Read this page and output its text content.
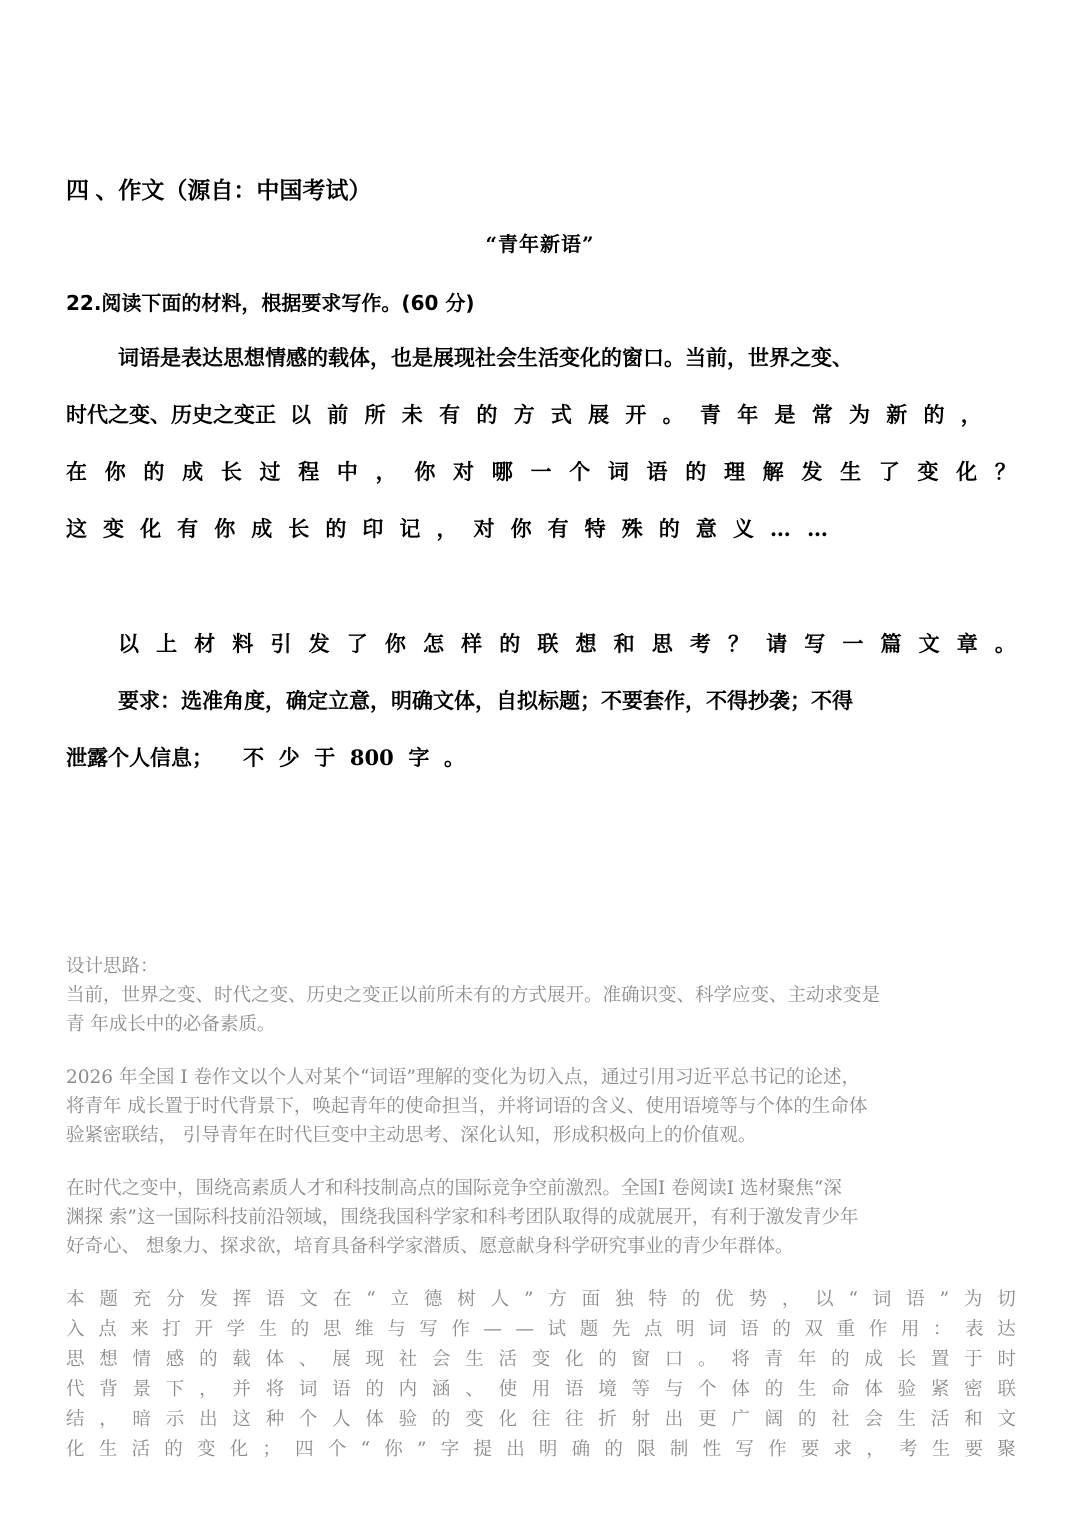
四 、作文（源自：中国考试）
“青年新语”
22.阅读下面的材料，根据要求写作。(60 分)
词语是表达思想情感的载体，也是展现社会生活变化的窗口。当前，世界之变、
时代之变、历史之变正 以 前 所 未 有 的 方 式 展 开 。 青 年 是 常 为 新 的 ，
在 你 的 成 长 过 程 中 ， 你 对 哪 一 个 词 语 的 理 解 发 生 了 变 化 ？
这 变 化 有 你 成 长 的 印 记 ， 对 你 有 特 殊 的 意 义 … …
以 上 材 料 引 发 了 你 怎 样 的 联 想 和 思 考 ？ 请 写 一 篇 文 章 。
要求：选准角度，确定立意，明确文体，自拟标题；不要套作，不得抄袭；不得
泄露个人信息； 不 少 于 800 字 。
设计思路：
当前，世界之变、时代之变、历史之变正以前所未有的方式展开。准确识变、科学应变、主动求变是
青 年成长中的必备素质。
2026 年全国 Ⅰ 卷作文以个人对某个“词语”理解的变化为切入点，通过引用习近平总书记的论述，
将青年 成长置于时代背景下，唤起青年的使命担当，并将词语的含义、使用语境等与个体的生命体
验紧密联结， 引导青年在时代巨变中主动思考、深化认知，形成积极向上的价值观。
在时代之变中，围绕高素质人才和科技制高点的国际竞争空前激烈。全国Ⅰ 卷阅读Ⅰ 选材聚焦“深
渊探 索”这一国际科技前沿领域，围绕我国科学家和科考团队取得的成就展开，有利于激发青少年
好奇心、 想象力、探求欲，培育具备科学家潜质、愿意献身科学研究事业的青少年群体。
本 题 充 分 发 挥 语 文 在 “ 立 德 树 人 ” 方 面 独 特 的 优 势 ， 以 “ 词 语 ” 为 切
入 点 来 打 开 学 生 的 思 维 与 写 作 — — 试 题 先 点 明 词 语 的 双 重 作 用 ： 表 达
思 想 情 感 的 载 体 、 展 现 社 会 生 活 变 化 的 窗 口 。 将 青 年 的 成 长 置 于 时
代 背 景 下 ， 并 将 词 语 的 内 涵 、 使 用 语 境 等 与 个 体 的 生 命 体 验 紧 密 联
结 ， 暗 示 出 这 种 个 人 体 验 的 变 化 往 往 折 射 出 更 广 阔 的 社 会 生 活 和 文
化 生 活 的 变 化 ； 四 个 “ 你 ” 字 提 出 明 确 的 限 制 性 写 作 要 求 ， 考 生 要 聚
